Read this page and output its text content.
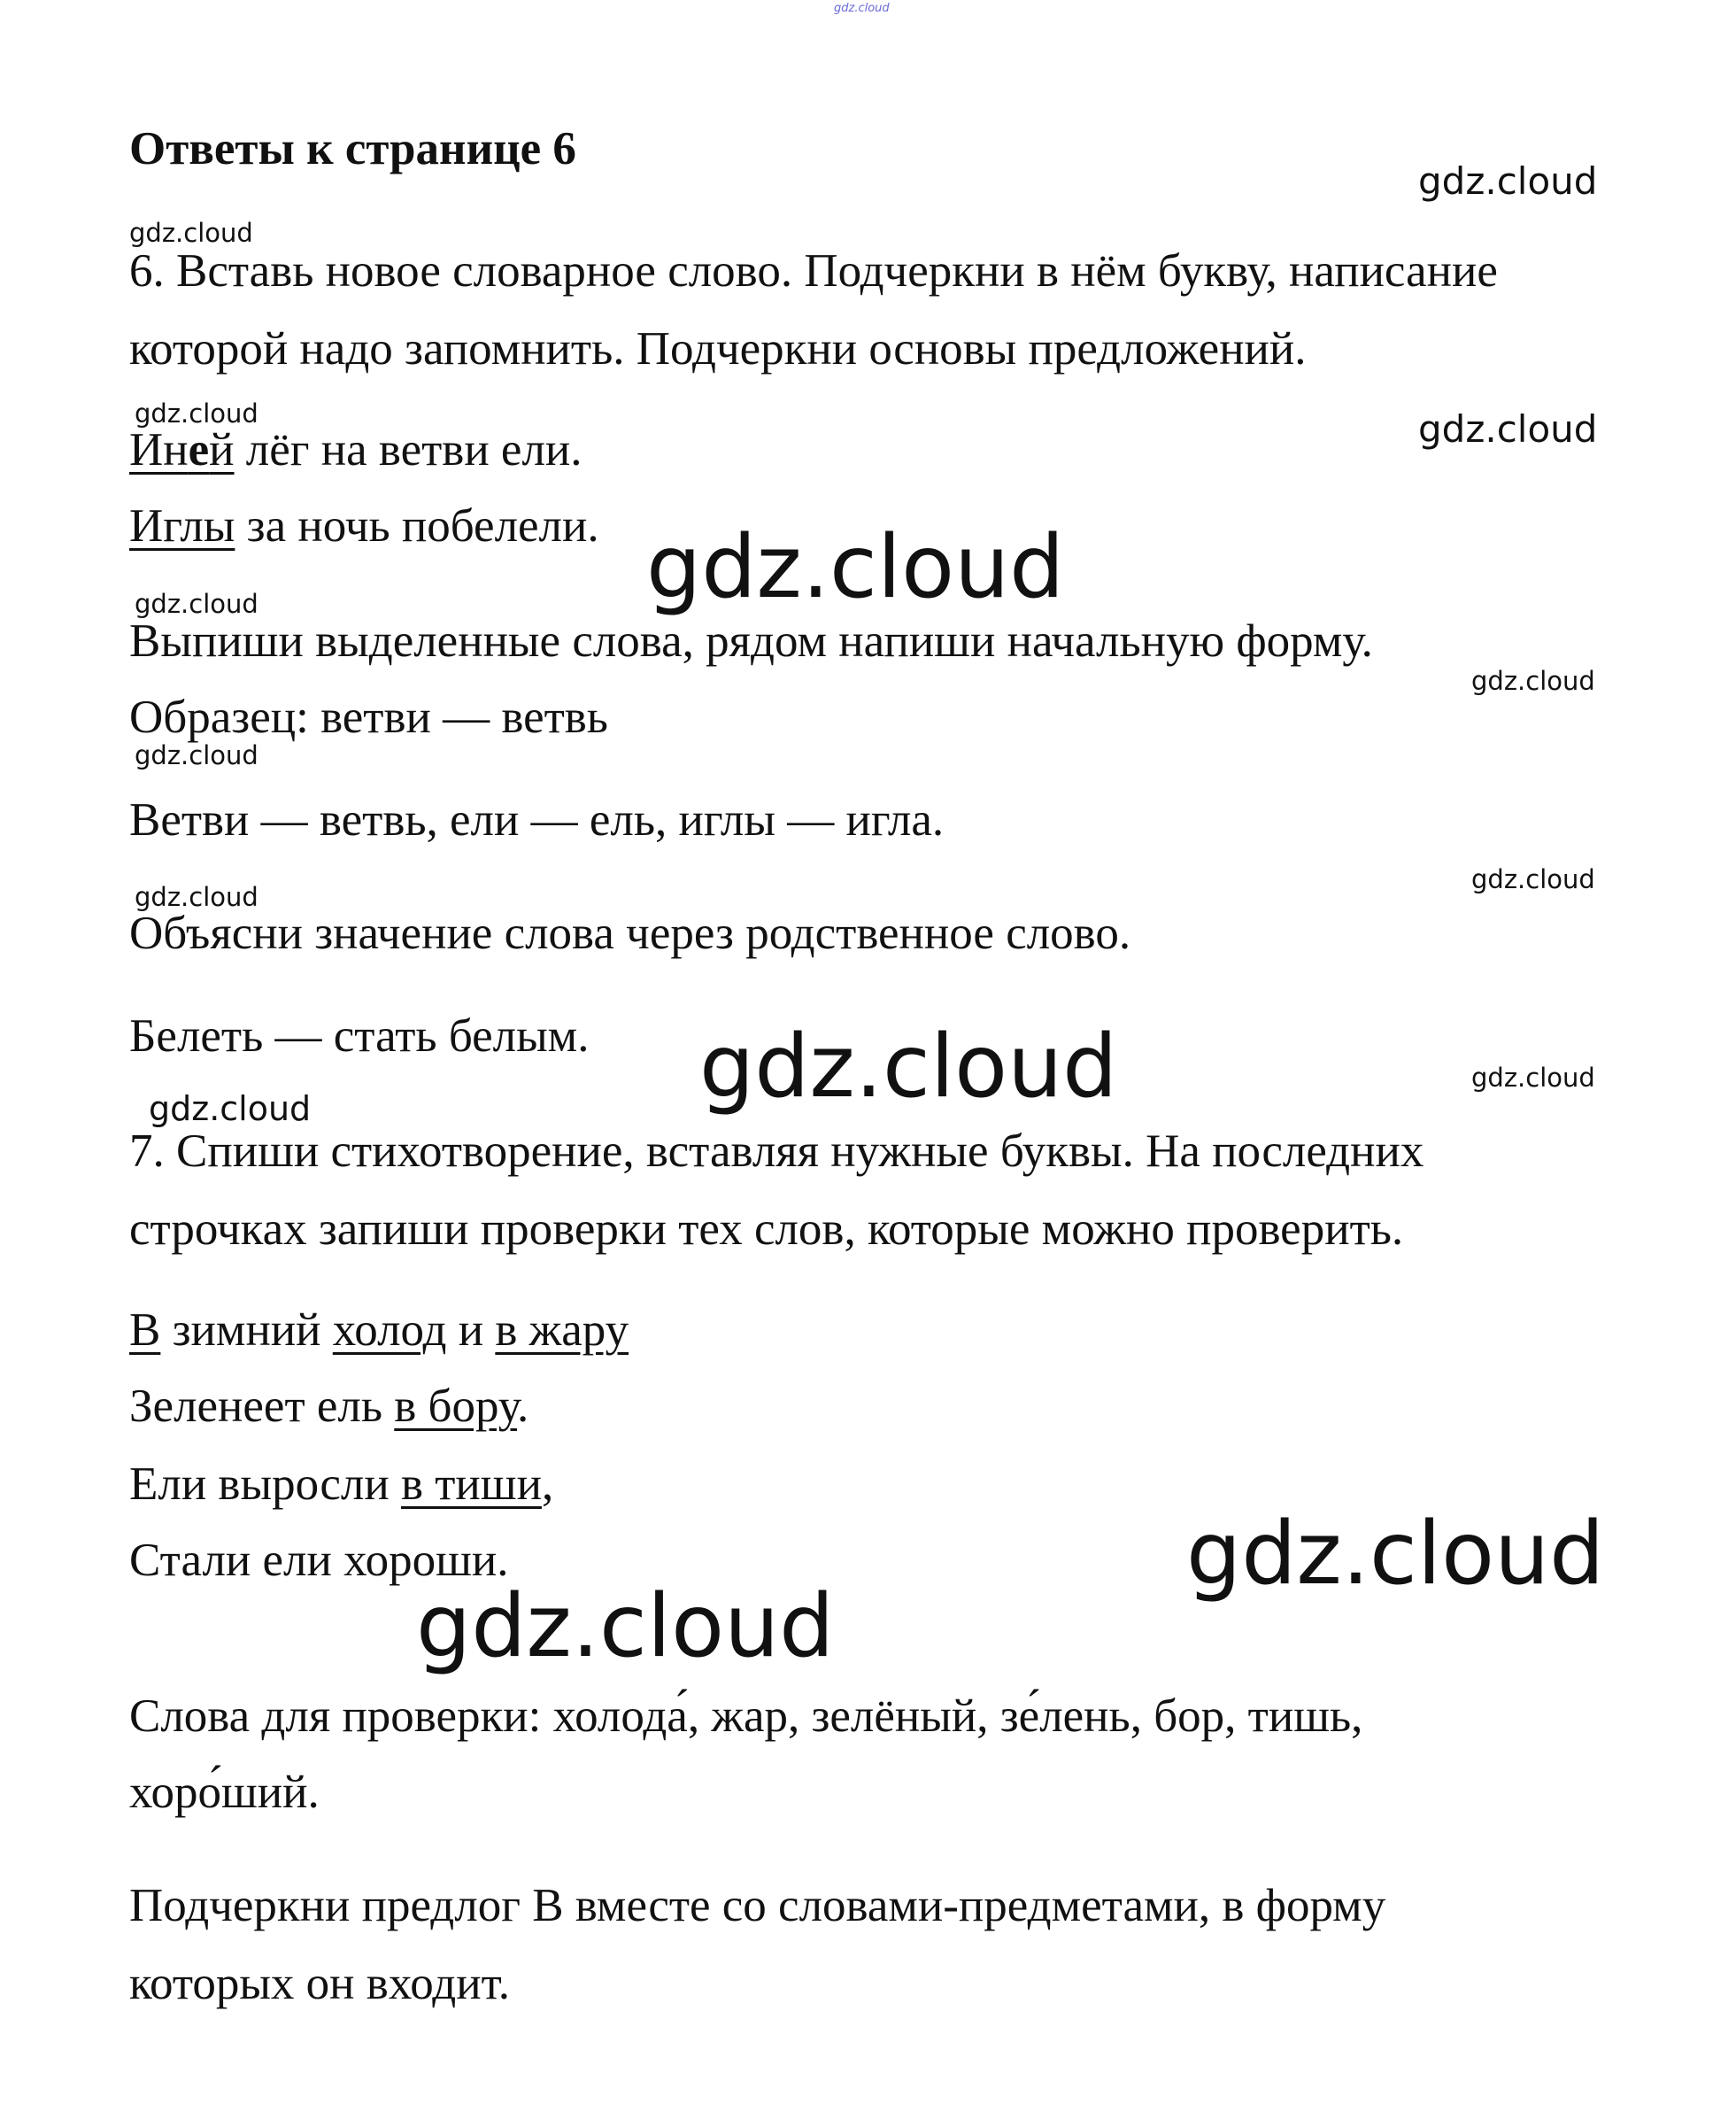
gdz.cloud
Ответы к странице 6
gdz.cloud
gdz.cloud
6. Вставь новое словарное слово. Подчеркни в нём букву, написание
которой надо запомнить. Подчеркни основы предложений.
gdz.cloud	gdz.cloud
Иней лёг на ветви ели.
Иглы за ночь побелели. gdz.cloud
gdz.cloud
Выпиши выделенные слова, рядом напиши начальную форму.
gdz.cloud
Образец: ветви — ветвь
gdz.cloud
Ветви — ветвь, ели — ель, иглы — игла.
gdz.cloud
gdz.cloud
Объясни значение слова через родственное слово.
Белеть — стать белым. gdz.cloud	gdz.cloud
gdz.cloud
7. Спиши стихотворение, вставляя нужные буквы. На последних
строчках запиши проверки тех слов, которые можно проверить.
В зимний холод и в жару
Зеленеет ель в бору.
Ели выросли в тиши,
Стали ели хороши.	gdz.cloud
gdz.cloud
Слова для проверки: холода́, жар, зелёный, зе́лень, бор, тишь,
хоро́ший.
Подчеркни предлог В вместе со словами-предметами, в форму
которых он входит.
